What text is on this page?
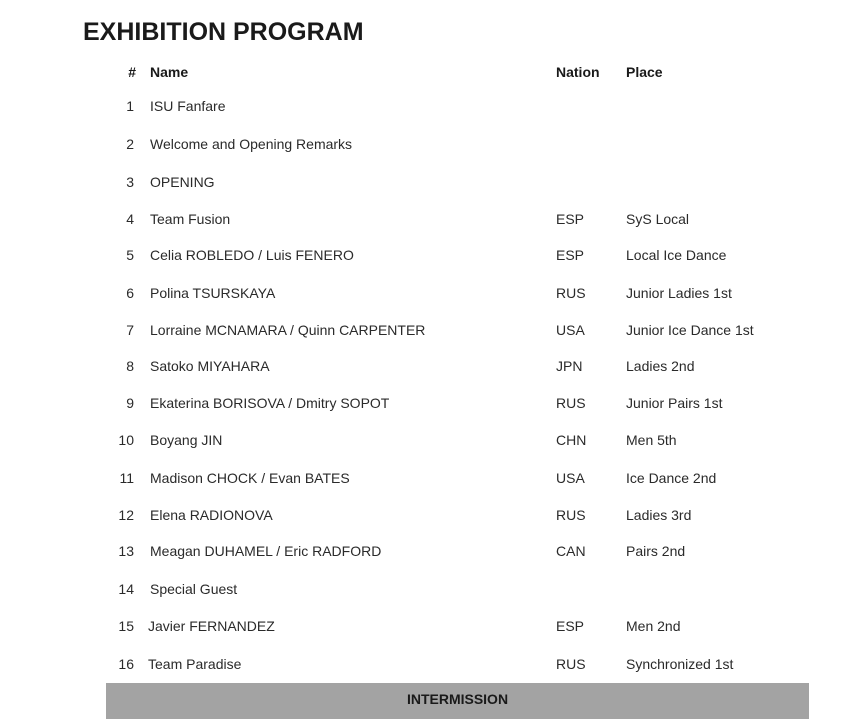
EXHIBITION PROGRAM
# Name	Nation Place
1 ISU Fanfare
2 Welcome and Opening Remarks
3 OPENING
4 Team Fusion	ESP	SyS Local
5 Celia ROBLEDO / Luis FENERO	ESP	Local Ice Dance
6 Polina TSURSKAYA	RUS	Junior Ladies 1st
7 Lorraine MCNAMARA / Quinn CARPENTER	USA	Junior Ice Dance 1st
8 Satoko MIYAHARA	JPN	Ladies 2nd
9 Ekaterina BORISOVA / Dmitry SOPOT	RUS	Junior Pairs 1st
10 Boyang JIN	CHN	Men 5th
11 Madison CHOCK / Evan BATES	USA	Ice Dance 2nd
12 Elena RADIONOVA	RUS	Ladies 3rd
13 Meagan DUHAMEL / Eric RADFORD	CAN	Pairs 2nd
14 Special Guest
15 Javier FERNANDEZ	ESP	Men 2nd
16 Team Paradise	RUS	Synchronized 1st
INTERMISSION
